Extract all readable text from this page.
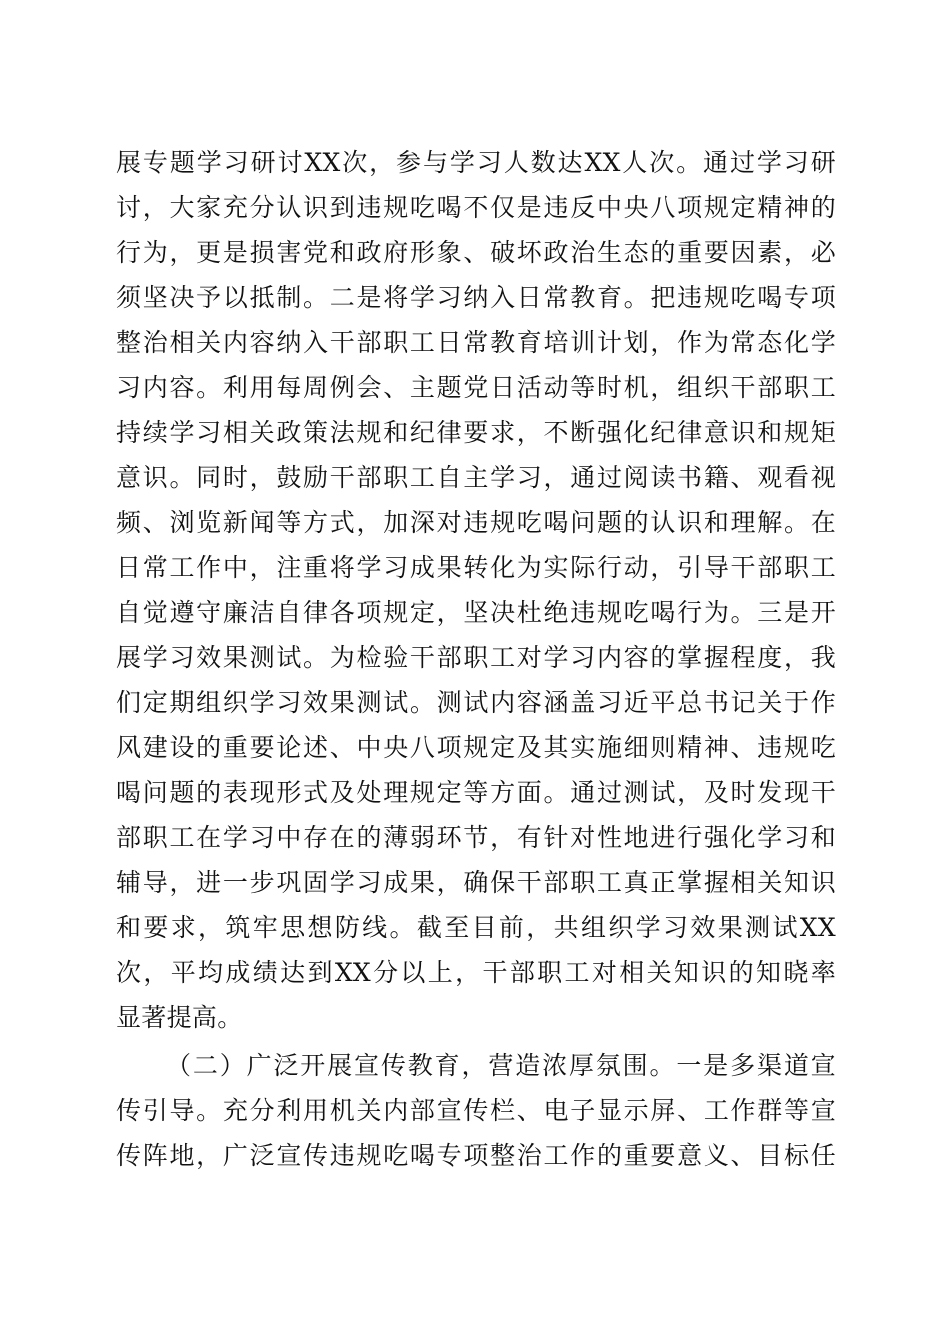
展专题学习研讨XX次，参与学习人数达XX人次。通过学习研
讨，大家充分认识到违规吃喝不仅是违反中央八项规定精神的
行为，更是损害党和政府形象、破坏政治生态的重要因素，必
须坚决予以抵制。二是将学习纳入日常教育。把违规吃喝专项
整治相关内容纳入干部职工日常教育培训计划，作为常态化学
习内容。利用每周例会、主题党日活动等时机，组织干部职工
持续学习相关政策法规和纪律要求，不断强化纪律意识和规矩
意识。同时，鼓励干部职工自主学习，通过阅读书籍、观看视
频、浏览新闻等方式，加深对违规吃喝问题的认识和理解。在
日常工作中，注重将学习成果转化为实际行动，引导干部职工
自觉遵守廉洁自律各项规定，坚决杜绝违规吃喝行为。三是开
展学习效果测试。为检验干部职工对学习内容的掌握程度，我
们定期组织学习效果测试。测试内容涵盖习近平总书记关于作
风建设的重要论述、中央八项规定及其实施细则精神、违规吃
喝问题的表现形式及处理规定等方面。通过测试，及时发现干
部职工在学习中存在的薄弱环节，有针对性地进行强化学习和
辅导，进一步巩固学习成果，确保干部职工真正掌握相关知识
和要求，筑牢思想防线。截至目前，共组织学习效果测试XX
次，平均成绩达到XX分以上，干部职工对相关知识的知晓率
显著提高。
（二）广泛开展宣传教育，营造浓厚氛围。一是多渠道宣
传引导。充分利用机关内部宣传栏、电子显示屏、工作群等宣
传阵地，广泛宣传违规吃喝专项整治工作的重要意义、目标任
